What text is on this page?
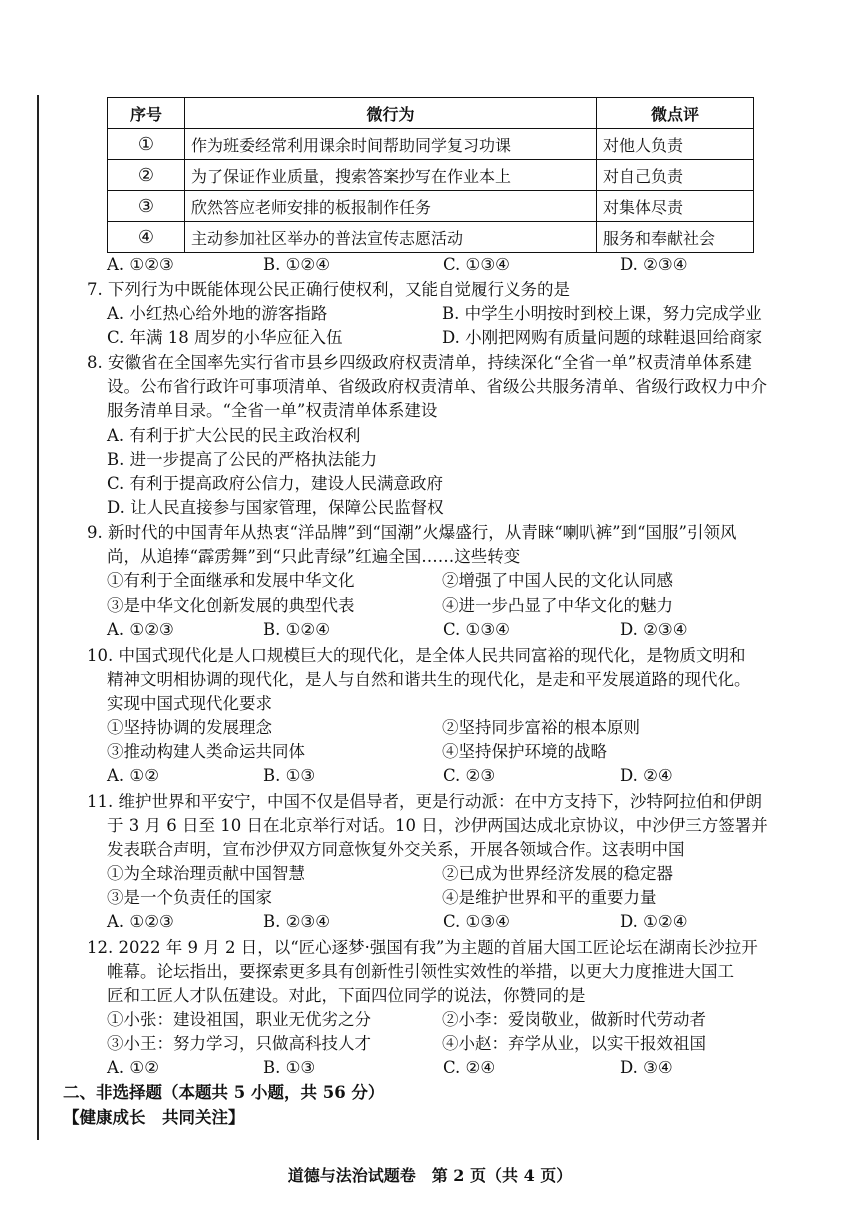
序号	微行为	微点评
①	作为班委经常利用课余时间帮助同学复习功课	对他人负责
②	为了保证作业质量，搜索答案抄写在作业本上	对自己负责
③	欣然答应老师安排的板报制作任务	对集体尽责
④	主动参加社区举办的普法宣传志愿活动	服务和奉献社会
A. ①②③	B. ①②④	C. ①③④	D. ②③④
7. 下列行为中既能体现公民正确行使权利，又能自觉履行义务的是
A. 小红热心给外地的游客指路	B. 中学生小明按时到校上课，努力完成学业
C. 年满 18 周岁的小华应征入伍	D. 小刚把网购有质量问题的球鞋退回给商家
8. 安徽省在全国率先实行省市县乡四级政府权责清单，持续深化“全省一单”权责清单体系建
设。公布省行政许可事项清单、省级政府权责清单、省级公共服务清单、省级行政权力中介
服务清单目录。“全省一单”权责清单体系建设
A. 有利于扩大公民的民主政治权利
B. 进一步提高了公民的严格执法能力
C. 有利于提高政府公信力，建设人民满意政府
D. 让人民直接参与国家管理，保障公民监督权
9. 新时代的中国青年从热衷“洋品牌”到“国潮”火爆盛行，从青睐“喇叭裤”到“国服”引领风
尚，从追捧“霹雳舞”到“只此青绿”红遍全国……这些转变
①有利于全面继承和发展中华文化	②增强了中国人民的文化认同感
③是中华文化创新发展的典型代表	④进一步凸显了中华文化的魅力
A. ①②③	B. ①②④	C. ①③④	D. ②③④
10. 中国式现代化是人口规模巨大的现代化，是全体人民共同富裕的现代化，是物质文明和
精神文明相协调的现代化，是人与自然和谐共生的现代化，是走和平发展道路的现代化。
实现中国式现代化要求
①坚持协调的发展理念	②坚持同步富裕的根本原则
③推动构建人类命运共同体	④坚持保护环境的战略
A. ①②	B. ①③	C. ②③	D. ②④
11. 维护世界和平安宁，中国不仅是倡导者，更是行动派：在中方支持下，沙特阿拉伯和伊朗
于 3 月 6 日至 10 日在北京举行对话。10 日，沙伊两国达成北京协议，中沙伊三方签署并
发表联合声明，宣布沙伊双方同意恢复外交关系，开展各领域合作。这表明中国
①为全球治理贡献中国智慧	②已成为世界经济发展的稳定器
③是一个负责任的国家	④是维护世界和平的重要力量
A. ①②③	B. ②③④	C. ①③④	D. ①②④
12. 2022 年 9 月 2 日，以“匠心逐梦·强国有我”为主题的首届大国工匠论坛在湖南长沙拉开
帷幕。论坛指出，要探索更多具有创新性引领性实效性的举措，以更大力度推进大国工
匠和工匠人才队伍建设。对此，下面四位同学的说法，你赞同的是
①小张：建设祖国，职业无优劣之分	②小李：爱岗敬业，做新时代劳动者
③小王：努力学习，只做高科技人才	④小赵：弃学从业，以实干报效祖国
A. ①②	B. ①③	C. ②④	D. ③④
二、非选择题（本题共 5 小题，共 56 分）
【健康成长　共同关注】
道德与法治试题卷　第 2 页（共 4 页）
